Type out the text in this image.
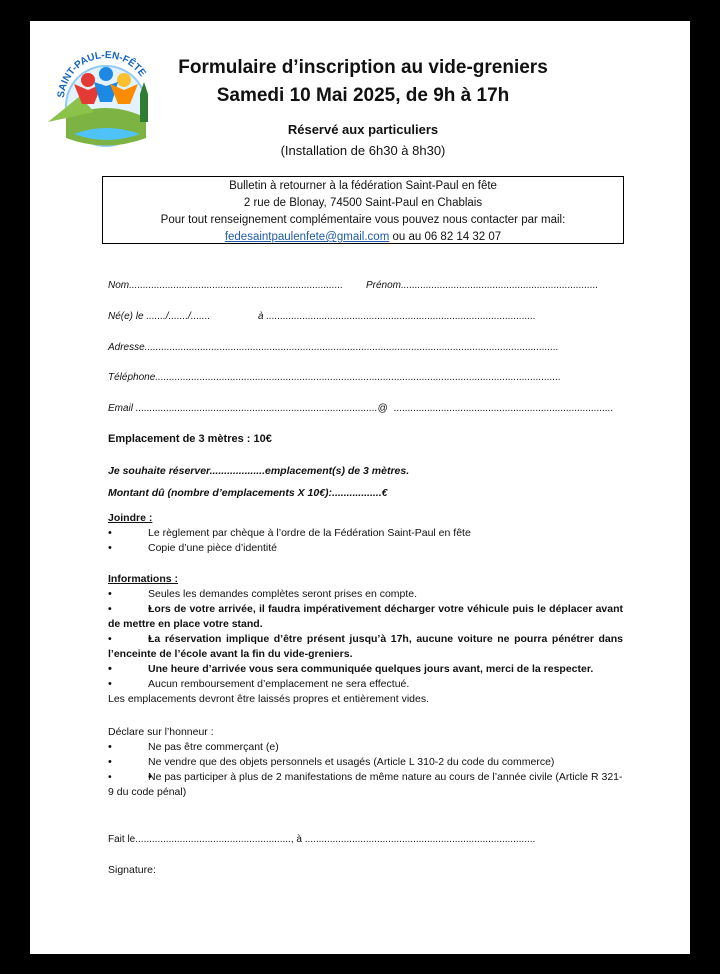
SAINT-PAUL-EN-FÊTE	Formulaire d’inscription au vide-greniers
Samedi 10 Mai 2025, de 9h à 17h
Réservé aux particuliers
(Installation de 6h30 à 8h30)
Bulletin à retourner à la fédération Saint-Paul en fête
2 rue de Blonay, 74500 Saint-Paul en Chablais
Pour tout renseignement complémentaire vous pouvez nous contacter par mail:
fedesaintpaulenfete@gmail.com ou au 06 82 14 32 07
Nom.............................................................................	Prénom.......................................................................
Né(e) le ......./......./.......	à .................................................................................................
Adresse.....................................................................................................................................................
Téléphone..................................................................................................................................................
Email .......................................................................................@ ...............................................................................
Emplacement de 3 mètres : 10€
Je souhaite réserver...................emplacement(s) de 3 mètres.
Montant dû (nombre d’emplacements X 10€):.................€
Joindre :
• Le règlement par chèque à l’ordre de la Fédération Saint-Paul en fête
• Copie d’une pièce d’identité
Informations :
• Seules les demandes complètes seront prises en compte.
• •	Lors de votre arrivée, il faudra impérativement décharger votre véhicule puis le déplacer avant de mettre en place votre stand.
• •	La réservation implique d’être présent jusqu’à 17h, aucune voiture ne pourra pénétrer dans l’enceinte de l’école avant la fin du vide-greniers.
• Une heure d’arrivée vous sera communiquée quelques jours avant, merci de la respecter.
• Aucun remboursement d’emplacement ne sera effectué.
Les emplacements devront être laissés propres et entièrement vides.
Déclare sur l’honneur :
• Ne pas être commerçant (e)
• Ne vendre que des objets personnels et usagés (Article L 310-2 du code du commerce)
• •	Ne pas participer à plus de 2 manifestations de même nature au cours de l’année civile (Article R 321-9 du code pénal)
Fait le........................................................, à ...................................................................................
Signature:
